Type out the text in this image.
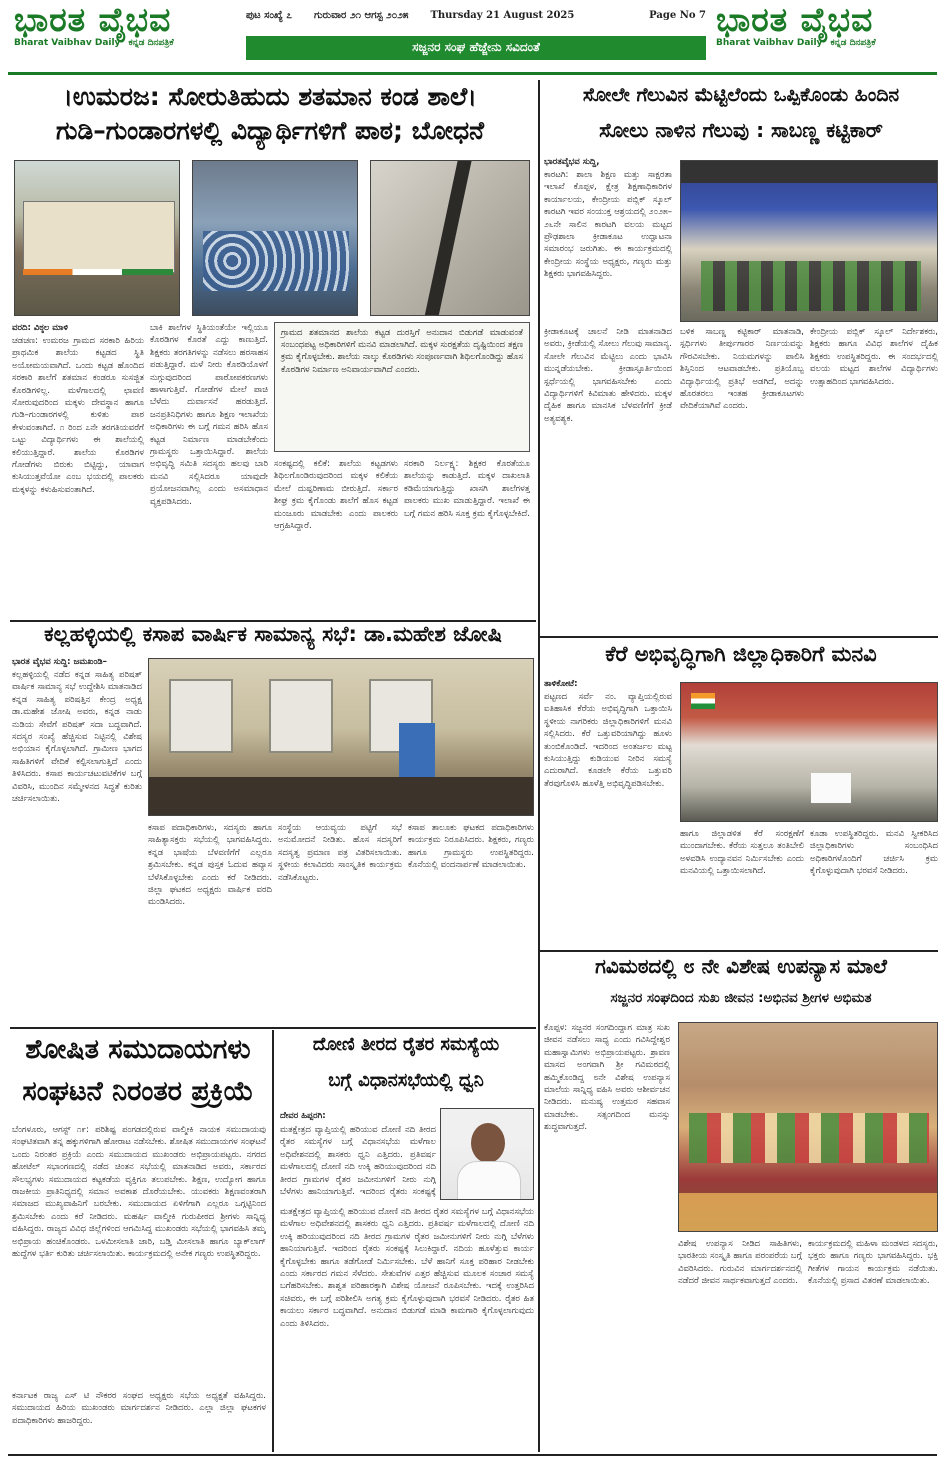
ಭಾರತ ವೈಭವ
Bharat Vaibhav Daily ಕನ್ನಡ ದಿನಪತ್ರಿಕೆ
ಪುಟ ಸಂಖ್ಯೆ ೭ ಗುರುವಾರ ೨೧ ಆಗಸ್ಟ ೨೦೨೫ Thursday 21 August 2025	Page No 7
ಸಜ್ಜನರ ಸಂಘ ಹೆಜ್ಜೇನು ಸವಿದಂತೆ
ಭಾರತ ವೈಭವ
Bharat Vaibhav Daily ಕನ್ನಡ ದಿನಪತ್ರಿಕೆ
।ಉಮರಜ: ಸೋರುತಿಹುದು ಶತಮಾನ ಕಂಡ ಶಾಲೆ।
ಗುಡಿ–ಗುಂಡಾರಗಳಲ್ಲಿ ವಿದ್ಯಾರ್ಥಿಗಳಿಗೆ ಪಾಠ; ಬೋಧನೆ
ವರದಿ: ವಿಠ್ಠಲ ಮಾಳಿ
ಚಡಚಣ: ಉಮರಜ ಗ್ರಾಮದ ಸರಕಾರಿ ಹಿರಿಯ ಪ್ರಾಥಮಿಕ ಶಾಲೆಯ ಕಟ್ಟಡದ ಸ್ಥಿತಿ ಅಯೋಮಯವಾಗಿದೆ. ಒಂದು ಕಟ್ಟಡ ಹೊಂದಿದ ಸರಕಾರಿ ಶಾಲೆಗೆ ಶತಮಾನ ಕಂಡರೂ ಸುಸಜ್ಜಿತ ಕೊಠಡಿಗಳಿಲ್ಲ. ಮಳೆಗಾಲದಲ್ಲಿ ಛಾವಣಿ ಸೋರುವುದರಿಂದ ಮಕ್ಕಳು ದೇವಸ್ಥಾನ ಹಾಗೂ ಗುಡಿ–ಗುಂಡಾರಗಳಲ್ಲಿ ಕುಳಿತು ಪಾಠ ಕೇಳುವಂತಾಗಿದೆ. ೧ ರಿಂದ ೭ನೇ ತರಗತಿಯವರೆಗೆ ಒಟ್ಟು ವಿದ್ಯಾರ್ಥಿಗಳು ಈ ಶಾಲೆಯಲ್ಲಿ ಕಲಿಯುತ್ತಿದ್ದಾರೆ. ಶಾಲೆಯ ಕೊಠಡಿಗಳ ಗೋಡೆಗಳು ಬಿರುಕು ಬಿಟ್ಟಿದ್ದು, ಯಾವಾಗ ಕುಸಿಯುತ್ತವೆಯೋ ಎಂಬ ಭಯದಲ್ಲಿ ಪಾಲಕರು ಮಕ್ಕಳನ್ನು ಕಳುಹಿಸುವಂತಾಗಿದೆ.
ಬಾಕಿ ಶಾಲೆಗಳ ಸ್ಥಿತಿಯಂತೆಯೇ ಇಲ್ಲಿಯೂ ಕೊಠಡಿಗಳ ಕೊರತೆ ಎದ್ದು ಕಾಣುತ್ತಿದೆ. ಶಿಕ್ಷಕರು ತರಗತಿಗಳನ್ನು ನಡೆಸಲು ಹರಸಾಹಸ ಪಡುತ್ತಿದ್ದಾರೆ. ಮಳೆ ನೀರು ಕೊಠಡಿಯೊಳಗೆ ನುಗ್ಗುವುದರಿಂದ ಪಾಠೋಪಕರಣಗಳು ಹಾಳಾಗುತ್ತಿವೆ. ಗೋಡೆಗಳ ಮೇಲೆ ಪಾಚಿ ಬೆಳೆದು ದುರ್ವಾಸನೆ ಹರಡುತ್ತಿದೆ. ಜನಪ್ರತಿನಿಧಿಗಳು ಹಾಗೂ ಶಿಕ್ಷಣ ಇಲಾಖೆಯ ಅಧಿಕಾರಿಗಳು ಈ ಬಗ್ಗೆ ಗಮನ ಹರಿಸಿ ಹೊಸ ಕಟ್ಟಡ ನಿರ್ಮಾಣ ಮಾಡಬೇಕೆಂದು ಗ್ರಾಮಸ್ಥರು ಒತ್ತಾಯಿಸಿದ್ದಾರೆ. ಶಾಲೆಯ ಅಭಿವೃದ್ಧಿ ಸಮಿತಿ ಸದಸ್ಯರು ಹಲವು ಬಾರಿ ಮನವಿ ಸಲ್ಲಿಸಿದರೂ ಯಾವುದೇ ಪ್ರಯೋಜನವಾಗಿಲ್ಲ ಎಂದು ಅಸಮಾಧಾನ ವ್ಯಕ್ತಪಡಿಸಿದರು.
ಗ್ರಾಮದ ಶತಮಾನದ ಶಾಲೆಯ ಕಟ್ಟಡ ದುರಸ್ತಿಗೆ ಅನುದಾನ ಬಿಡುಗಡೆ ಮಾಡುವಂತೆ ಸಂಬಂಧಪಟ್ಟ ಅಧಿಕಾರಿಗಳಿಗೆ ಮನವಿ ಮಾಡಲಾಗಿದೆ. ಮಕ್ಕಳ ಸುರಕ್ಷತೆಯ ದೃಷ್ಟಿಯಿಂದ ತಕ್ಷಣ ಕ್ರಮ ಕೈಗೊಳ್ಳಬೇಕು. ಶಾಲೆಯ ನಾಲ್ಕು ಕೊಠಡಿಗಳು ಸಂಪೂರ್ಣವಾಗಿ ಶಿಥಿಲಗೊಂಡಿದ್ದು ಹೊಸ ಕೊಠಡಿಗಳ ನಿರ್ಮಾಣ ಅನಿವಾರ್ಯವಾಗಿದೆ ಎಂದರು.
ಸಂಕಷ್ಟದಲ್ಲಿ ಕಲಿಕೆ: ಶಾಲೆಯ ಕಟ್ಟಡಗಳು ಶಿಥಿಲಗೊಂಡಿರುವುದರಿಂದ ಮಕ್ಕಳ ಕಲಿಕೆಯ ಮೇಲೆ ದುಷ್ಪರಿಣಾಮ ಬೀರುತ್ತಿದೆ. ಸರ್ಕಾರ ಶೀಘ್ರ ಕ್ರಮ ಕೈಗೊಂಡು ಶಾಲೆಗೆ ಹೊಸ ಕಟ್ಟಡ ಮಂಜೂರು ಮಾಡಬೇಕು ಎಂದು ಪಾಲಕರು ಆಗ್ರಹಿಸಿದ್ದಾರೆ.
ಸರಕಾರಿ ನಿರ್ಲಕ್ಷ್ಯ: ಶಿಕ್ಷಕರ ಕೊರತೆಯೂ ಶಾಲೆಯನ್ನು ಕಾಡುತ್ತಿದೆ. ಮಕ್ಕಳ ದಾಖಲಾತಿ ಕಡಿಮೆಯಾಗುತ್ತಿದ್ದು ಖಾಸಗಿ ಶಾಲೆಗಳತ್ತ ಪಾಲಕರು ಮುಖ ಮಾಡುತ್ತಿದ್ದಾರೆ. ಇಲಾಖೆ ಈ ಬಗ್ಗೆ ಗಮನ ಹರಿಸಿ ಸೂಕ್ತ ಕ್ರಮ ಕೈಗೊಳ್ಳಬೇಕಿದೆ.
ಸೋಲೇ ಗೆಲುವಿನ ಮೆಟ್ಟಿಲೆಂದು ಒಪ್ಪಿಕೊಂಡು ಹಿಂದಿನ
ಸೋಲು ನಾಳಿನ ಗೆಲುವು : ಸಾಬಣ್ಣ ಕಟ್ಟಿಕಾರ್
ಭಾರತವೈಭವ ಸುದ್ದಿ,
ಕಾರಟಗಿ: ಶಾಲಾ ಶಿಕ್ಷಣ ಮತ್ತು ಸಾಕ್ಷರತಾ ಇಲಾಖೆ ಕೊಪ್ಪಳ, ಕ್ಷೇತ್ರ ಶಿಕ್ಷಣಾಧಿಕಾರಿಗಳ ಕಾರ್ಯಾಲಯ, ಕೇಂದ್ರೀಯ ಪಬ್ಲಿಕ್ ಸ್ಕೂಲ್ ಕಾರಟಗಿ ಇವರ ಸಂಯುಕ್ತ ಆಶ್ರಯದಲ್ಲಿ ೨೦೨೫–೨೬ನೇ ಸಾಲಿನ ಕಾರಟಗಿ ವಲಯ ಮಟ್ಟದ ಪ್ರೌಢಶಾಲಾ ಕ್ರೀಡಾಕೂಟ ಉದ್ಘಾಟನಾ ಸಮಾರಂಭ ಜರುಗಿತು. ಈ ಕಾರ್ಯಕ್ರಮದಲ್ಲಿ ಕೇಂದ್ರೀಯ ಸಂಸ್ಥೆಯ ಅಧ್ಯಕ್ಷರು, ಗಣ್ಯರು ಮತ್ತು ಶಿಕ್ಷಕರು ಭಾಗವಹಿಸಿದ್ದರು.
ಕ್ರೀಡಾಕೂಟಕ್ಕೆ ಚಾಲನೆ ನೀಡಿ ಮಾತನಾಡಿದ ಅವರು, ಕ್ರೀಡೆಯಲ್ಲಿ ಸೋಲು ಗೆಲುವು ಸಾಮಾನ್ಯ. ಸೋಲೇ ಗೆಲುವಿನ ಮೆಟ್ಟಿಲು ಎಂದು ಭಾವಿಸಿ ಮುನ್ನಡೆಯಬೇಕು. ಕ್ರೀಡಾಸ್ಫೂರ್ತಿಯಿಂದ ಸ್ಪರ್ಧೆಯಲ್ಲಿ ಭಾಗವಹಿಸಬೇಕು ಎಂದು ವಿದ್ಯಾರ್ಥಿಗಳಿಗೆ ಕಿವಿಮಾತು ಹೇಳಿದರು. ಮಕ್ಕಳ ದೈಹಿಕ ಹಾಗೂ ಮಾನಸಿಕ ಬೆಳವಣಿಗೆಗೆ ಕ್ರೀಡೆ ಅತ್ಯವಶ್ಯಕ.
ಬಳಿಕ ಸಾಬಣ್ಣ ಕಟ್ಟಿಕಾರ್ ಮಾತನಾಡಿ, ಸ್ಪರ್ಧಿಗಳು ತೀರ್ಪುಗಾರರ ನಿರ್ಣಯವನ್ನು ಗೌರವಿಸಬೇಕು. ನಿಯಮಗಳನ್ನು ಪಾಲಿಸಿ ಶಿಸ್ತಿನಿಂದ ಆಟವಾಡಬೇಕು. ಪ್ರತಿಯೊಬ್ಬ ವಿದ್ಯಾರ್ಥಿಯಲ್ಲಿ ಪ್ರತಿಭೆ ಅಡಗಿದೆ, ಅದನ್ನು ಹೊರತರಲು ಇಂತಹ ಕ್ರೀಡಾಕೂಟಗಳು ವೇದಿಕೆಯಾಗಿವೆ ಎಂದರು.
ಕೇಂದ್ರೀಯ ಪಬ್ಲಿಕ್ ಸ್ಕೂಲ್ ನಿರ್ದೇಶಕರು, ಶಿಕ್ಷಕರು ಹಾಗೂ ವಿವಿಧ ಶಾಲೆಗಳ ದೈಹಿಕ ಶಿಕ್ಷಕರು ಉಪಸ್ಥಿತರಿದ್ದರು. ಈ ಸಂದರ್ಭದಲ್ಲಿ ವಲಯ ಮಟ್ಟದ ಶಾಲೆಗಳ ವಿದ್ಯಾರ್ಥಿಗಳು ಉತ್ಸಾಹದಿಂದ ಭಾಗವಹಿಸಿದರು.
ಕಲ್ಲಹಳ್ಳಿಯಲ್ಲಿ ಕಸಾಪ ವಾರ್ಷಿಕ ಸಾಮಾನ್ಯ ಸಭೆ: ಡಾ.ಮಹೇಶ ಜೋಷಿ
ಭಾರತ ವೈಭವ ಸುದ್ದಿ: ಜಮಖಂಡಿ–
ಕಲ್ಲಹಳ್ಳಿಯಲ್ಲಿ ನಡೆದ ಕನ್ನಡ ಸಾಹಿತ್ಯ ಪರಿಷತ್ ವಾರ್ಷಿಕ ಸಾಮಾನ್ಯ ಸಭೆ ಉದ್ದೇಶಿಸಿ ಮಾತನಾಡಿದ ಕನ್ನಡ ಸಾಹಿತ್ಯ ಪರಿಷತ್ತಿನ ಕೇಂದ್ರ ಅಧ್ಯಕ್ಷ ಡಾ.ಮಹೇಶ ಜೋಷಿ ಅವರು, ಕನ್ನಡ ನಾಡು ನುಡಿಯ ಸೇವೆಗೆ ಪರಿಷತ್ ಸದಾ ಬದ್ಧವಾಗಿದೆ. ಸದಸ್ಯರ ಸಂಖ್ಯೆ ಹೆಚ್ಚಿಸುವ ನಿಟ್ಟಿನಲ್ಲಿ ವಿಶೇಷ ಅಭಿಯಾನ ಕೈಗೊಳ್ಳಲಾಗಿದೆ. ಗ್ರಾಮೀಣ ಭಾಗದ ಸಾಹಿತಿಗಳಿಗೆ ವೇದಿಕೆ ಕಲ್ಪಿಸಲಾಗುತ್ತಿದೆ ಎಂದು ತಿಳಿಸಿದರು. ಕಸಾಪ ಕಾರ್ಯಚಟುವಟಿಕೆಗಳ ಬಗ್ಗೆ ವಿವರಿಸಿ, ಮುಂದಿನ ಸಮ್ಮೇಳನದ ಸಿದ್ಧತೆ ಕುರಿತು ಚರ್ಚಿಸಲಾಯಿತು.
ಕಸಾಪ ಪದಾಧಿಕಾರಿಗಳು, ಸದಸ್ಯರು ಹಾಗೂ ಸಾಹಿತ್ಯಾಸಕ್ತರು ಸಭೆಯಲ್ಲಿ ಭಾಗವಹಿಸಿದ್ದರು. ಕನ್ನಡ ಭಾಷೆಯ ಬೆಳವಣಿಗೆಗೆ ಎಲ್ಲರೂ ಶ್ರಮಿಸಬೇಕು. ಕನ್ನಡ ಪುಸ್ತಕ ಓದುವ ಹವ್ಯಾಸ ಬೆಳೆಸಿಕೊಳ್ಳಬೇಕು ಎಂದು ಕರೆ ನೀಡಿದರು. ಜಿಲ್ಲಾ ಘಟಕದ ಅಧ್ಯಕ್ಷರು ವಾರ್ಷಿಕ ವರದಿ ಮಂಡಿಸಿದರು.
ಸಂಸ್ಥೆಯ ಆಯವ್ಯಯ ಪಟ್ಟಿಗೆ ಸಭೆ ಅನುಮೋದನೆ ನೀಡಿತು. ಹೊಸ ಸದಸ್ಯರಿಗೆ ಸದಸ್ಯತ್ವ ಪ್ರಮಾಣ ಪತ್ರ ವಿತರಿಸಲಾಯಿತು. ಸ್ಥಳೀಯ ಕಲಾವಿದರು ಸಾಂಸ್ಕೃತಿಕ ಕಾರ್ಯಕ್ರಮ ನಡೆಸಿಕೊಟ್ಟರು.
ಕಸಾಪ ತಾಲೂಕು ಘಟಕದ ಪದಾಧಿಕಾರಿಗಳು ಕಾರ್ಯಕ್ರಮ ನಿರೂಪಿಸಿದರು. ಶಿಕ್ಷಕರು, ಗಣ್ಯರು ಹಾಗೂ ಗ್ರಾಮಸ್ಥರು ಉಪಸ್ಥಿತರಿದ್ದರು. ಕೊನೆಯಲ್ಲಿ ವಂದನಾರ್ಪಣೆ ಮಾಡಲಾಯಿತು.
ಕೆರೆ ಅಭಿವೃದ್ಧಿಗಾಗಿ ಜಿಲ್ಲಾಧಿಕಾರಿಗೆ ಮನವಿ
ತಾಳಿಕೋಟೆ:
ಪಟ್ಟಣದ ಸರ್ವೆ ನಂ. ವ್ಯಾಪ್ತಿಯಲ್ಲಿರುವ ಐತಿಹಾಸಿಕ ಕೆರೆಯ ಅಭಿವೃದ್ಧಿಗಾಗಿ ಒತ್ತಾಯಿಸಿ ಸ್ಥಳೀಯ ನಾಗರಿಕರು ಜಿಲ್ಲಾಧಿಕಾರಿಗಳಿಗೆ ಮನವಿ ಸಲ್ಲಿಸಿದರು. ಕೆರೆ ಒತ್ತುವರಿಯಾಗಿದ್ದು ಹೂಳು ತುಂಬಿಕೊಂಡಿದೆ. ಇದರಿಂದ ಅಂತರ್ಜಲ ಮಟ್ಟ ಕುಸಿಯುತ್ತಿದ್ದು ಕುಡಿಯುವ ನೀರಿನ ಸಮಸ್ಯೆ ಎದುರಾಗಿದೆ. ಕೂಡಲೇ ಕೆರೆಯ ಒತ್ತುವರಿ ತೆರವುಗೊಳಿಸಿ ಹೂಳೆತ್ತಿ ಅಭಿವೃದ್ಧಿಪಡಿಸಬೇಕು.
ಹಾಗೂ ಜಿಲ್ಲಾಡಳಿತ ಕೆರೆ ಸಂರಕ್ಷಣೆಗೆ ಮುಂದಾಗಬೇಕು. ಕೆರೆಯ ಸುತ್ತಲೂ ತಂತಿಬೇಲಿ ಅಳವಡಿಸಿ ಉದ್ಯಾನವನ ನಿರ್ಮಿಸಬೇಕು ಎಂದು ಮನವಿಯಲ್ಲಿ ಒತ್ತಾಯಿಸಲಾಗಿದೆ.
ಕೂಡಾ ಉಪಸ್ಥಿತರಿದ್ದರು. ಮನವಿ ಸ್ವೀಕರಿಸಿದ ಜಿಲ್ಲಾಧಿಕಾರಿಗಳು ಸಂಬಂಧಿಸಿದ ಅಧಿಕಾರಿಗಳೊಂದಿಗೆ ಚರ್ಚಿಸಿ ಕ್ರಮ ಕೈಗೊಳ್ಳುವುದಾಗಿ ಭರವಸೆ ನೀಡಿದರು.
ಗವಿಮಠದಲ್ಲಿ ೮ ನೇ ವಿಶೇಷ ಉಪನ್ಯಾಸ ಮಾಲೆ
ಸಜ್ಜನರ ಸಂಘದಿಂದ ಸುಖ ಜೀವನ :ಅಭಿನವ ಶ್ರೀಗಳ ಅಭಿಮತ
ಕೊಪ್ಪಳ: ಸಜ್ಜನರ ಸಂಗದಿಂದ್ದಾಗ ಮಾತ್ರ ಸುಖ ಜೀವನ ನಡೆಸಲು ಸಾಧ್ಯ ಎಂದು ಗವಿಸಿದ್ದೇಶ್ವರ ಮಹಾಸ್ವಾಮಿಗಳು ಅಭಿಪ್ರಾಯಪಟ್ಟರು. ಶ್ರಾವಣ ಮಾಸದ ಅಂಗವಾಗಿ ಶ್ರೀ ಗವಿಮಠದಲ್ಲಿ ಹಮ್ಮಿಕೊಂಡಿದ್ದ ೮ನೇ ವಿಶೇಷ ಉಪನ್ಯಾಸ ಮಾಲೆಯ ಸಾನ್ನಿಧ್ಯ ವಹಿಸಿ ಅವರು ಆಶೀರ್ವಚನ ನೀಡಿದರು. ಮನುಷ್ಯ ಉತ್ತಮರ ಸಹವಾಸ ಮಾಡಬೇಕು. ಸತ್ಸಂಗದಿಂದ ಮನಸ್ಸು ಶುದ್ಧವಾಗುತ್ತದೆ.
ವಿಶೇಷ ಉಪನ್ಯಾಸ ನೀಡಿದ ಸಾಹಿತಿಗಳು, ಭಾರತೀಯ ಸಂಸ್ಕೃತಿ ಹಾಗೂ ಪರಂಪರೆಯ ಬಗ್ಗೆ ವಿವರಿಸಿದರು. ಗುರುವಿನ ಮಾರ್ಗದರ್ಶನದಲ್ಲಿ ನಡೆದರೆ ಜೀವನ ಸಾರ್ಥಕವಾಗುತ್ತದೆ ಎಂದರು.
ಕಾರ್ಯಕ್ರಮದಲ್ಲಿ ಮಹಿಳಾ ಮಂಡಳದ ಸದಸ್ಯರು, ಭಕ್ತರು ಹಾಗೂ ಗಣ್ಯರು ಭಾಗವಹಿಸಿದ್ದರು. ಭಕ್ತಿ ಗೀತೆಗಳ ಗಾಯನ ಕಾರ್ಯಕ್ರಮ ನಡೆಯಿತು. ಕೊನೆಯಲ್ಲಿ ಪ್ರಸಾದ ವಿತರಣೆ ಮಾಡಲಾಯಿತು.
ಶೋಷಿತ ಸಮುದಾಯಗಳು
ಸಂಘಟನೆ ನಿರಂತರ ಪ್ರಕ್ರಿಯೆ
ಬೆಂಗಳೂರು, ಆಗಸ್ಟ್ ೧೯: ಪರಿಶಿಷ್ಟ ಪಂಗಡದಲ್ಲಿರುವ ವಾಲ್ಮೀಕಿ ನಾಯಕ ಸಮುದಾಯವು ಸಂಘಟಿತವಾಗಿ ತನ್ನ ಹಕ್ಕುಗಳಿಗಾಗಿ ಹೋರಾಟ ನಡೆಸಬೇಕು. ಶೋಷಿತ ಸಮುದಾಯಗಳ ಸಂಘಟನೆ ಒಂದು ನಿರಂತರ ಪ್ರಕ್ರಿಯೆ ಎಂದು ಸಮುದಾಯದ ಮುಖಂಡರು ಅಭಿಪ್ರಾಯಪಟ್ಟರು. ನಗರದ ಹೋಟೆಲ್ ಸಭಾಂಗಣದಲ್ಲಿ ನಡೆದ ಚಿಂತನ ಸಭೆಯಲ್ಲಿ ಮಾತನಾಡಿದ ಅವರು, ಸರ್ಕಾರದ ಸೌಲಭ್ಯಗಳು ಸಮುದಾಯದ ಕಟ್ಟಕಡೆಯ ವ್ಯಕ್ತಿಗೂ ತಲುಪಬೇಕು. ಶಿಕ್ಷಣ, ಉದ್ಯೋಗ ಹಾಗೂ ರಾಜಕೀಯ ಪ್ರಾತಿನಿಧ್ಯದಲ್ಲಿ ಸಮಾನ ಅವಕಾಶ ದೊರೆಯಬೇಕು. ಯುವಕರು ಶಿಕ್ಷಣವಂತರಾಗಿ ಸಮಾಜದ ಮುಖ್ಯವಾಹಿನಿಗೆ ಬರಬೇಕು. ಸಮುದಾಯದ ಏಳಿಗೆಗಾಗಿ ಎಲ್ಲರೂ ಒಗ್ಗಟ್ಟಿನಿಂದ ಶ್ರಮಿಸಬೇಕು ಎಂದು ಕರೆ ನೀಡಿದರು. ಮಹರ್ಷಿ ವಾಲ್ಮೀಕಿ ಗುರುಪೀಠದ ಶ್ರೀಗಳು ಸಾನ್ನಿಧ್ಯ ವಹಿಸಿದ್ದರು. ರಾಜ್ಯದ ವಿವಿಧ ಜಿಲ್ಲೆಗಳಿಂದ ಆಗಮಿಸಿದ್ದ ಮುಖಂಡರು ಸಭೆಯಲ್ಲಿ ಭಾಗವಹಿಸಿ ತಮ್ಮ ಅಭಿಪ್ರಾಯ ಹಂಚಿಕೊಂಡರು. ಒಳಮೀಸಲಾತಿ ಜಾರಿ, ಬಡ್ತಿ ಮೀಸಲಾತಿ ಹಾಗೂ ಬ್ಯಾಕ್‌ಲಾಗ್ ಹುದ್ದೆಗಳ ಭರ್ತಿ ಕುರಿತು ಚರ್ಚಿಸಲಾಯಿತು. ಕಾರ್ಯಕ್ರಮದಲ್ಲಿ ಅನೇಕ ಗಣ್ಯರು ಉಪಸ್ಥಿತರಿದ್ದರು.
ಕರ್ನಾಟಕ ರಾಜ್ಯ ಎಸ್ ಟಿ ನೌಕರರ ಸಂಘದ ಅಧ್ಯಕ್ಷರು ಸಭೆಯ ಅಧ್ಯಕ್ಷತೆ ವಹಿಸಿದ್ದರು. ಸಮುದಾಯದ ಹಿರಿಯ ಮುಖಂಡರು ಮಾರ್ಗದರ್ಶನ ನೀಡಿದರು. ಎಲ್ಲಾ ಜಿಲ್ಲಾ ಘಟಕಗಳ ಪದಾಧಿಕಾರಿಗಳು ಹಾಜರಿದ್ದರು.
ದೋಣಿ ತೀರದ ರೈತರ ಸಮಸ್ಯೆಯ
ಬಗ್ಗೆ ವಿಧಾನಸಭೆಯಲ್ಲಿ ಧ್ವನಿ
ದೇವರ ಹಿಪ್ಪರಗಿ:
ಮತಕ್ಷೇತ್ರದ ವ್ಯಾಪ್ತಿಯಲ್ಲಿ ಹರಿಯುವ ದೋಣಿ ನದಿ ತೀರದ ರೈತರ ಸಮಸ್ಯೆಗಳ ಬಗ್ಗೆ ವಿಧಾನಸಭೆಯ ಮಳೆಗಾಲ ಅಧಿವೇಶನದಲ್ಲಿ ಶಾಸಕರು ಧ್ವನಿ ಎತ್ತಿದರು. ಪ್ರತಿವರ್ಷ ಮಳೆಗಾಲದಲ್ಲಿ ದೋಣಿ ನದಿ ಉಕ್ಕಿ ಹರಿಯುವುದರಿಂದ ನದಿ ತೀರದ ಗ್ರಾಮಗಳ ರೈತರ ಜಮೀನುಗಳಿಗೆ ನೀರು ನುಗ್ಗಿ ಬೆಳೆಗಳು ಹಾನಿಯಾಗುತ್ತಿವೆ. ಇದರಿಂದ ರೈತರು ಸಂಕಷ್ಟಕ್ಕೆ
ಮತಕ್ಷೇತ್ರದ ವ್ಯಾಪ್ತಿಯಲ್ಲಿ ಹರಿಯುವ ದೋಣಿ ನದಿ ತೀರದ ರೈತರ ಸಮಸ್ಯೆಗಳ ಬಗ್ಗೆ ವಿಧಾನಸಭೆಯ ಮಳೆಗಾಲ ಅಧಿವೇಶನದಲ್ಲಿ ಶಾಸಕರು ಧ್ವನಿ ಎತ್ತಿದರು. ಪ್ರತಿವರ್ಷ ಮಳೆಗಾಲದಲ್ಲಿ ದೋಣಿ ನದಿ ಉಕ್ಕಿ ಹರಿಯುವುದರಿಂದ ನದಿ ತೀರದ ಗ್ರಾಮಗಳ ರೈತರ ಜಮೀನುಗಳಿಗೆ ನೀರು ನುಗ್ಗಿ ಬೆಳೆಗಳು ಹಾನಿಯಾಗುತ್ತಿವೆ. ಇದರಿಂದ ರೈತರು ಸಂಕಷ್ಟಕ್ಕೆ ಸಿಲುಕಿದ್ದಾರೆ. ನದಿಯ ಹೂಳೆತ್ತುವ ಕಾರ್ಯ ಕೈಗೊಳ್ಳಬೇಕು ಹಾಗೂ ತಡೆಗೋಡೆ ನಿರ್ಮಿಸಬೇಕು. ಬೆಳೆ ಹಾನಿಗೆ ಸೂಕ್ತ ಪರಿಹಾರ ನೀಡಬೇಕು ಎಂದು ಸರ್ಕಾರದ ಗಮನ ಸೆಳೆದರು. ಸೇತುವೆಗಳ ಎತ್ತರ ಹೆಚ್ಚಿಸುವ ಮೂಲಕ ಸಂಚಾರ ಸಮಸ್ಯೆ ಬಗೆಹರಿಸಬೇಕು. ಶಾಶ್ವತ ಪರಿಹಾರಕ್ಕಾಗಿ ವಿಶೇಷ ಯೋಜನೆ ರೂಪಿಸಬೇಕು. ಇದಕ್ಕೆ ಉತ್ತರಿಸಿದ ಸಚಿವರು, ಈ ಬಗ್ಗೆ ಪರಿಶೀಲಿಸಿ ಅಗತ್ಯ ಕ್ರಮ ಕೈಗೊಳ್ಳುವುದಾಗಿ ಭರವಸೆ ನೀಡಿದರು. ರೈತರ ಹಿತ ಕಾಯಲು ಸರ್ಕಾರ ಬದ್ಧವಾಗಿದೆ. ಅನುದಾನ ಬಿಡುಗಡೆ ಮಾಡಿ ಕಾಮಗಾರಿ ಕೈಗೊಳ್ಳಲಾಗುವುದು ಎಂದು ತಿಳಿಸಿದರು.
